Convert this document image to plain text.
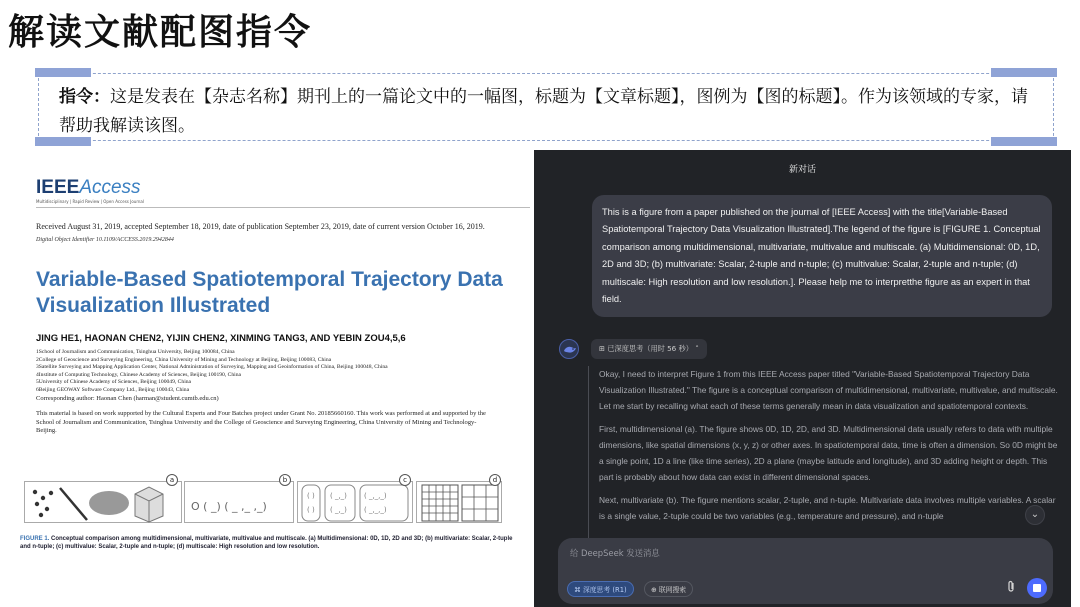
解读文献配图指令
指令：这是发表在【杂志名称】期刊上的一篇论文中的一幅图，标题为【文章标题】，图例为【图的标题】。作为该领域的专家，请帮助我解读该图。
IEEEAccess
Multidisciplinary | Rapid Review | Open Access Journal
Received August 31, 2019, accepted September 18, 2019, date of publication September 23, 2019, date of current version October 16, 2019.
Digital Object Identifier 10.1109/ACCESS.2019.2942844
Variable-Based Spatiotemporal Trajectory Data Visualization Illustrated
JING HE1, HAONAN CHEN2, YIJIN CHEN2, XINMING TANG3, AND YEBIN ZOU4,5,6
1School of Journalism and Communication, Tsinghua University, Beijing 100084, China
2College of Geoscience and Surveying Engineering, China University of Mining and Technology at Beijing, Beijing 100083, China
3Satellite Surveying and Mapping Application Center, National Administration of Surveying, Mapping and Geoinformation of China, Beijing 100048, China
4Institute of Computing Technology, Chinese Academy of Sciences, Beijing 100190, China
5University of Chinese Academy of Sciences, Beijing 100049, China
6Beijing GEOWAY Software Company Ltd., Beijing 100043, China
Corresponding author: Haonan Chen (harman@student.cumtb.edu.cn)
This material is based on work supported by the Cultural Experts and Four Batches project under Grant No. 20185660160. This work was performed at and supported by the School of Journalism and Communication, Tsinghua University and the College of Geoscience and Surveying Engineering, China University of Mining and Technology-Beijing.
a
O ( _) ( _ ,_ ,_)
b
( )
( )
( _,_)
( _,_)
( _,_,_)
( _,_,_)
c	d
FIGURE 1. Conceptual comparison among multidimensional, multivariate, multivalue and multiscale. (a) Multidimensional: 0D, 1D, 2D and 3D; (b) multivariate: Scalar, 2-tuple and n-tuple; (c) multivalue: Scalar, 2-tuple and n-tuple; (d) multiscale: High resolution and low resolution.
新对话
This is a figure from a paper published on the journal of [IEEE Access] with the title[Variable-Based Spatiotemporal Trajectory Data Visualization Illustrated].The legend of the figure is [FIGURE 1. Conceptual comparison among multidimensional, multivariate, multivalue and multiscale. (a) Multidimensional: 0D, 1D, 2D and 3D; (b) multivariate: Scalar, 2-tuple and n-tuple; (c) multivalue: Scalar, 2-tuple and n-tuple; (d) multiscale: High resolution and low resolution.]. Please help me to interpretthe figure as an expert in that field.
⊞ 已深度思考（用时 56 秒） ˄

Okay, I need to interpret Figure 1 from this IEEE Access paper titled "Variable-Based Spatiotemporal Trajectory Data Visualization Illustrated." The figure is a conceptual comparison of multidimensional, multivariate, multivalue, and multiscale. Let me start by recalling what each of these terms generally mean in data visualization and spatiotemporal contexts.

First, multidimensional (a). The figure shows 0D, 1D, 2D, and 3D. Multidimensional data usually refers to data with multiple dimensions, like spatial dimensions (x, y, z) or other axes. In spatiotemporal data, time is often a dimension. So 0D might be a single point, 1D a line (like time series), 2D a plane (maybe latitude and longitude), and 3D adding height or depth. This part is probably about how data can exist in different dimensional spaces.

Next, multivariate (b). The figure mentions scalar, 2-tuple, and n-tuple. Multivariate data involves multiple variables. A scalar is a single value, 2-tuple could be two variables (e.g., temperature and pressure), and n-tuple	⌄
给 DeepSeek 发送消息
⌘ 深度思考 (R1)	⊕ 联网搜索
